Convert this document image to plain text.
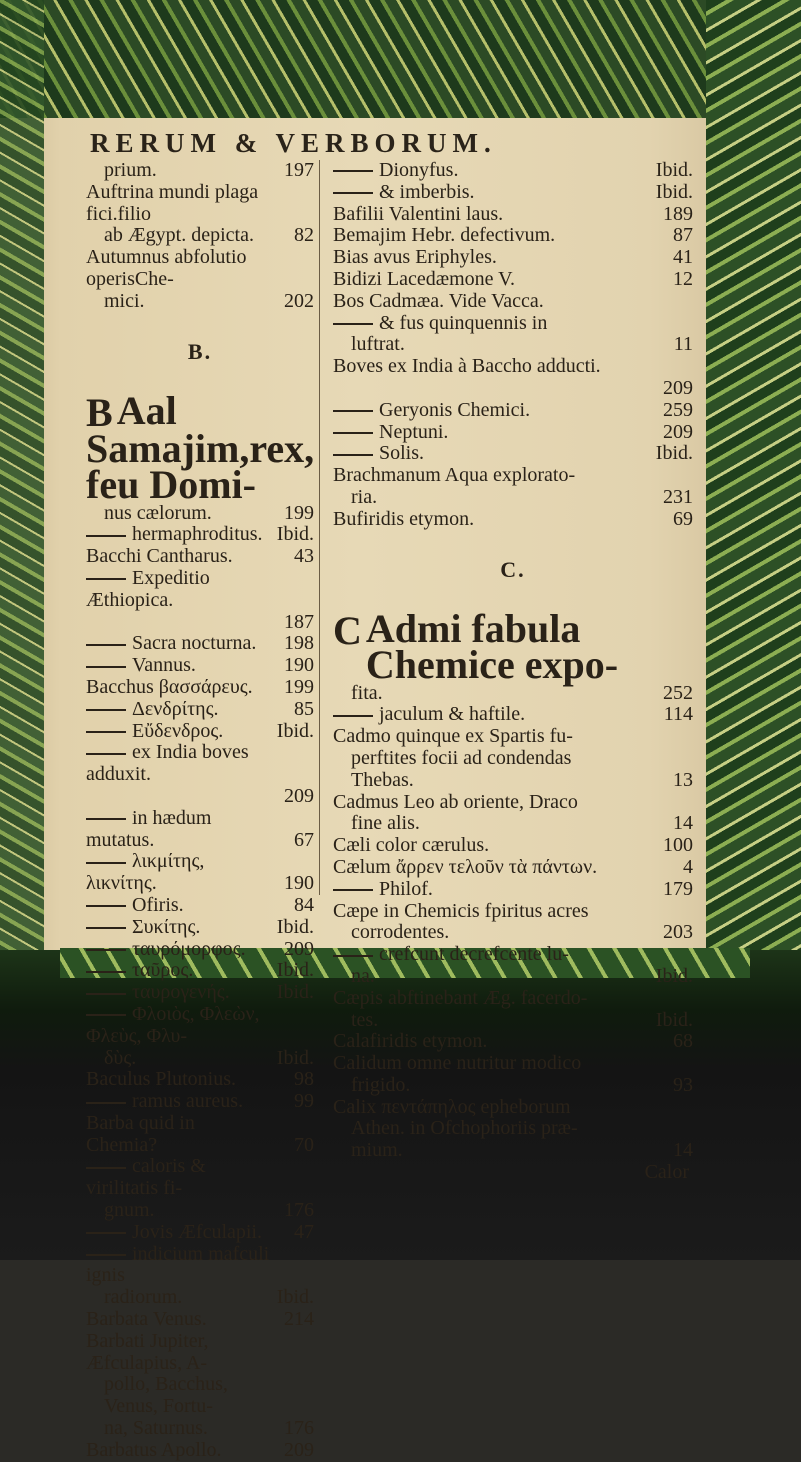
RERUM & VERBORUM.
prium.	197
Auftrina mundi plaga fici.filio
ab Ægypt. depicta.	82
Autumnus abfolutio operisChe-
mici.	202
B.
B Aal Samajim,rex, feu Domi-
nus cælorum.	199
hermaphroditus. Ibid.
Bacchi Cantharus.	43
Expeditio Æthiopica.
187
Sacra nocturna.	198
Vannus.	190
Bacchus βασσάρευς.	199
Δενδρίτης.	85
Εὔδενδρος.	Ibid.
ex India boves adduxit.
209
in hædum mutatus.	67
λικμίτης, λικνίτης.	190
Ofiris.	84
Συκίτης.	Ibid.
ταυρόμορφος.	209
ταῦρος.	Ibid.
ταυρογενής.	Ibid.
Φλοιὸς, Φλεὼν, Φλεὺς, Φλυ-
δὺς.	Ibid.
Baculus Plutonius.	98
ramus aureus.	99
Barba quid in Chemia?	70
caloris & virilitatis fi-
gnum.	176
Jovis Æfculapii.	47
indicium mafculi ignis
radiorum.	Ibid.
Barbata Venus.	214
Barbati Jupiter, Æfculapius, A-
pollo, Bacchus, Venus, Fortu-
na, Saturnus.	176
Barbatus Apollo.	209
Dionyfus.	Ibid.
& imberbis.	Ibid.
Bafilii Valentini laus.	189
Bemajim Hebr. defectivum.	87
Bias avus Eriphyles.	41
Bidizi Lacedæmone V.	12
Bos Cadmæa. Vide Vacca.
& fus quinquennis in
luftrat.	11
Boves ex India à Baccho adducti.
209
Geryonis Chemici.	259
Neptuni.	209
Solis.	Ibid.
Brachmanum Aqua explorato-
ria.	231
Bufiridis etymon.	69
C.
C Admi fabula Chemice expo-
fita.	252
jaculum & haftile.	114
Cadmo quinque ex Spartis fu-
perftites focii ad condendas
Thebas.	13
Cadmus Leo ab oriente, Draco
fine alis.	14
Cæli color cærulus.	100
Cælum ἄρρεν τελοῦν τὰ πάντων.	4
Philof.	179
Cæpe in Chemicis fpiritus acres
corrodentes.	203
crefcunt decrefcente lu-
na.	Ibid.
Cæpis abftinebant Æg. facerdo-
tes.	Ibid.
Calafiridis etymon.	68
Calidum omne nutritur modico
frigido.	93
Calix πεντάπηλος epheborum
Athen. in Ofchophoriis præ-
mium.	14
Calor
